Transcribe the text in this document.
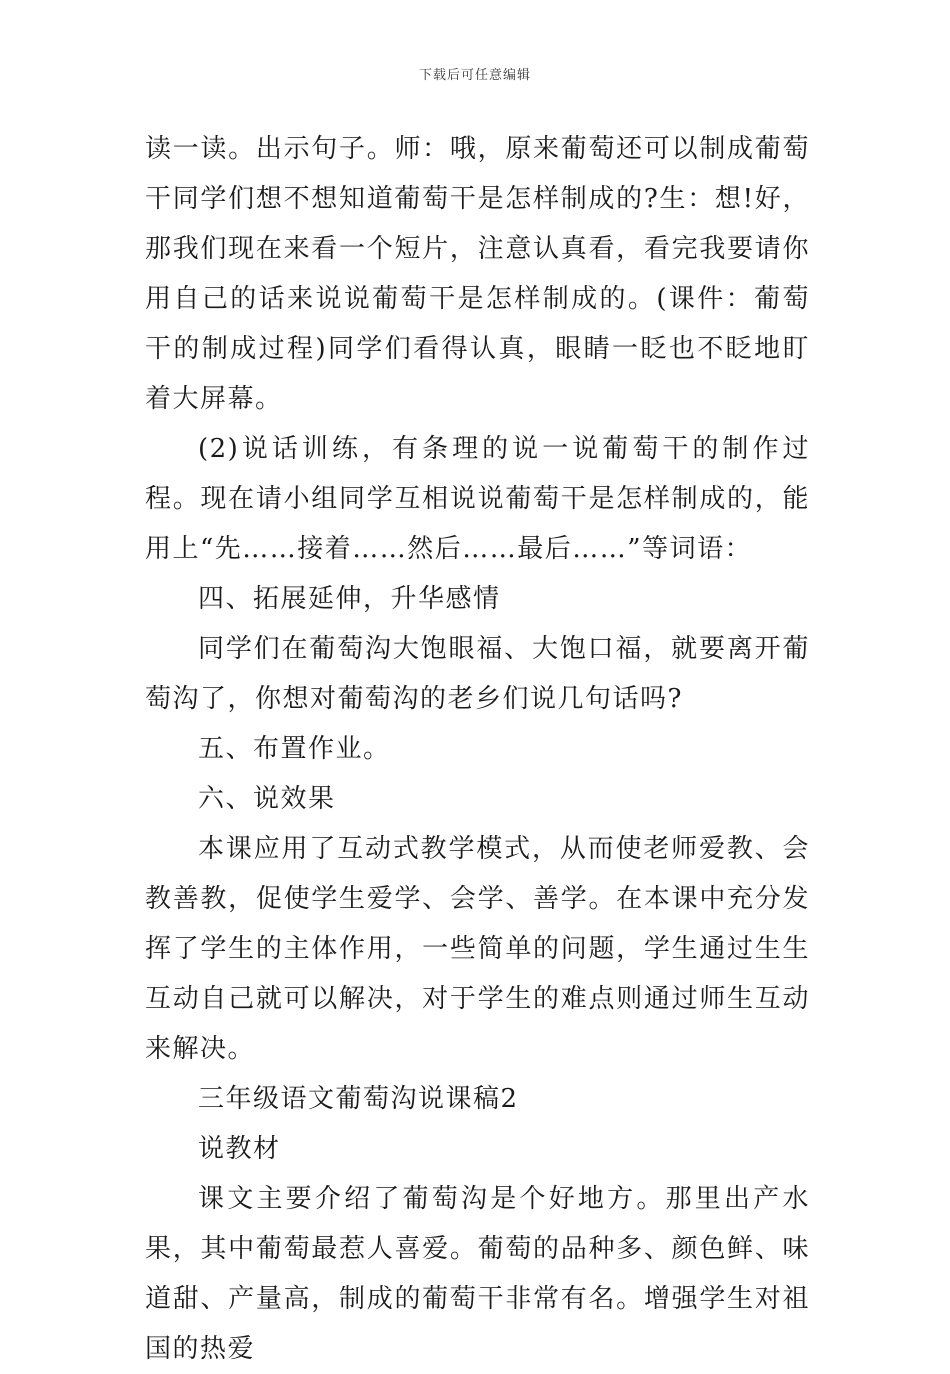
下载后可任意编辑

读一读。出示句子。师：哦，原来葡萄还可以制成葡萄干同学们想不想知道葡萄干是怎样制成的?生：想!好，那我们现在来看一个短片，注意认真看，看完我要请你用自己的话来说说葡萄干是怎样制成的。(课件：葡萄干的制成过程)同学们看得认真，眼睛一眨也不眨地盯着大屏幕。

(2)说话训练，有条理的说一说葡萄干的制作过程。现在请小组同学互相说说葡萄干是怎样制成的，能用上“先……接着……然后……最后……”等词语：

四、拓展延伸，升华感情

同学们在葡萄沟大饱眼福、大饱口福，就要离开葡萄沟了，你想对葡萄沟的老乡们说几句话吗?

五、布置作业。

六、说效果

本课应用了互动式教学模式，从而使老师爱教、会教善教，促使学生爱学、会学、善学。在本课中充分发挥了学生的主体作用，一些简单的问题，学生通过生生互动自己就可以解决，对于学生的难点则通过师生互动来解决。

三年级语文葡萄沟说课稿2

说教材

课文主要介绍了葡萄沟是个好地方。那里出产水果，其中葡萄最惹人喜爱。葡萄的品种多、颜色鲜、味道甜、产量高，制成的葡萄干非常有名。增强学生对祖国的热爱
